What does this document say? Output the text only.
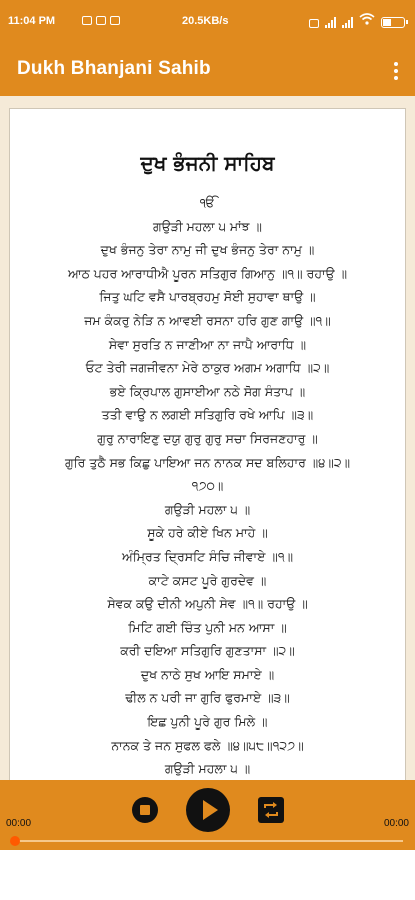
11:04 PM	20.5KB/s
Dukh Bhanjani Sahib
ਦੁਖ ਭੰਜਨੀ ਸਾਹਿਬ
ੴ
ਗਉੜੀ ਮਹਲਾ ੫ ਮਾਂਝ ॥
ਦੁਖ ਭੰਜਨੁ ਤੇਰਾ ਨਾਮੁ ਜੀ ਦੁਖ ਭੰਜਨੁ ਤੇਰਾ ਨਾਮੁ ॥
ਆਠ ਪਹਰ ਆਰਾਧੀਐ ਪੂਰਨ ਸਤਿਗੁਰ ਗਿਆਨੁ ॥੧॥ ਰਹਾਉ ॥
ਜਿਤੁ ਘਟਿ ਵਸੈ ਪਾਰਬ੍ਰਹਮੁ ਸੋਈ ਸੁਹਾਵਾ ਥਾਉ ॥
ਜਮ ਕੰਕਰੁ ਨੇੜਿ ਨ ਆਵਈ ਰਸਨਾ ਹਰਿ ਗੁਣ ਗਾਉ ॥੧॥
ਸੇਵਾ ਸੁਰਤਿ ਨ ਜਾਣੀਆ ਨਾ ਜਾਪੈ ਆਰਾਧਿ ॥
ਓਟ ਤੇਰੀ ਜਗਜੀਵਨਾ ਮੇਰੇ ਠਾਕੁਰ ਅਗਮ ਅਗਾਧਿ ॥੨॥
ਭਏ ਕ੍ਰਿਪਾਲ ਗੁਸਾਈਆ ਨਠੇ ਸੋਗ ਸੰਤਾਪ ॥
ਤਤੀ ਵਾਉ ਨ ਲਗਈ ਸਤਿਗੁਰਿ ਰਖੇ ਆਪਿ ॥੩॥
ਗੁਰੁ ਨਾਰਾਇਣੁ ਦਯੁ ਗੁਰੁ ਗੁਰੁ ਸਚਾ ਸਿਰਜਣਹਾਰੁ ॥
ਗੁਰਿ ਤੁਠੈ ਸਭ ਕਿਛੁ ਪਾਇਆ ਜਨ ਨਾਨਕ ਸਦ ਬਲਿਹਾਰ ॥੪॥੨॥
੧੭੦॥
ਗਉੜੀ ਮਹਲਾ ੫ ॥
ਸੂਕੇ ਹਰੇ ਕੀਏ ਖਿਨ ਮਾਹੇ ॥
ਅੰਮ੍ਰਿਤ ਦ੍ਰਿਸਟਿ ਸੰਚਿ ਜੀਵਾਏ ॥੧॥
ਕਾਟੇ ਕਸਟ ਪੂਰੇ ਗੁਰਦੇਵ ॥
ਸੇਵਕ ਕਉ ਦੀਨੀ ਅਪੁਨੀ ਸੇਵ ॥੧॥ ਰਹਾਉ ॥
ਮਿਟਿ ਗਈ ਚਿੰਤ ਪੁਨੀ ਮਨ ਆਸਾ ॥
ਕਰੀ ਦਇਆ ਸਤਿਗੁਰਿ ਗੁਣਤਾਸਾ ॥੨॥
ਦੁਖ ਨਾਠੇ ਸੁਖ ਆਇ ਸਮਾਏ ॥
ਢੀਲ ਨ ਪਰੀ ਜਾ ਗੁਰਿ ਫੁਰਮਾਏ ॥੩॥
ਇਛ ਪੁਨੀ ਪੂਰੇ ਗੁਰ ਮਿਲੇ ॥
ਨਾਨਕ ਤੇ ਜਨ ਸੁਫਲ ਫਲੇ ॥੪॥੫੮॥੧੨੭॥
ਗਉੜੀ ਮਹਲਾ ੫ ॥
00:00	00:00
